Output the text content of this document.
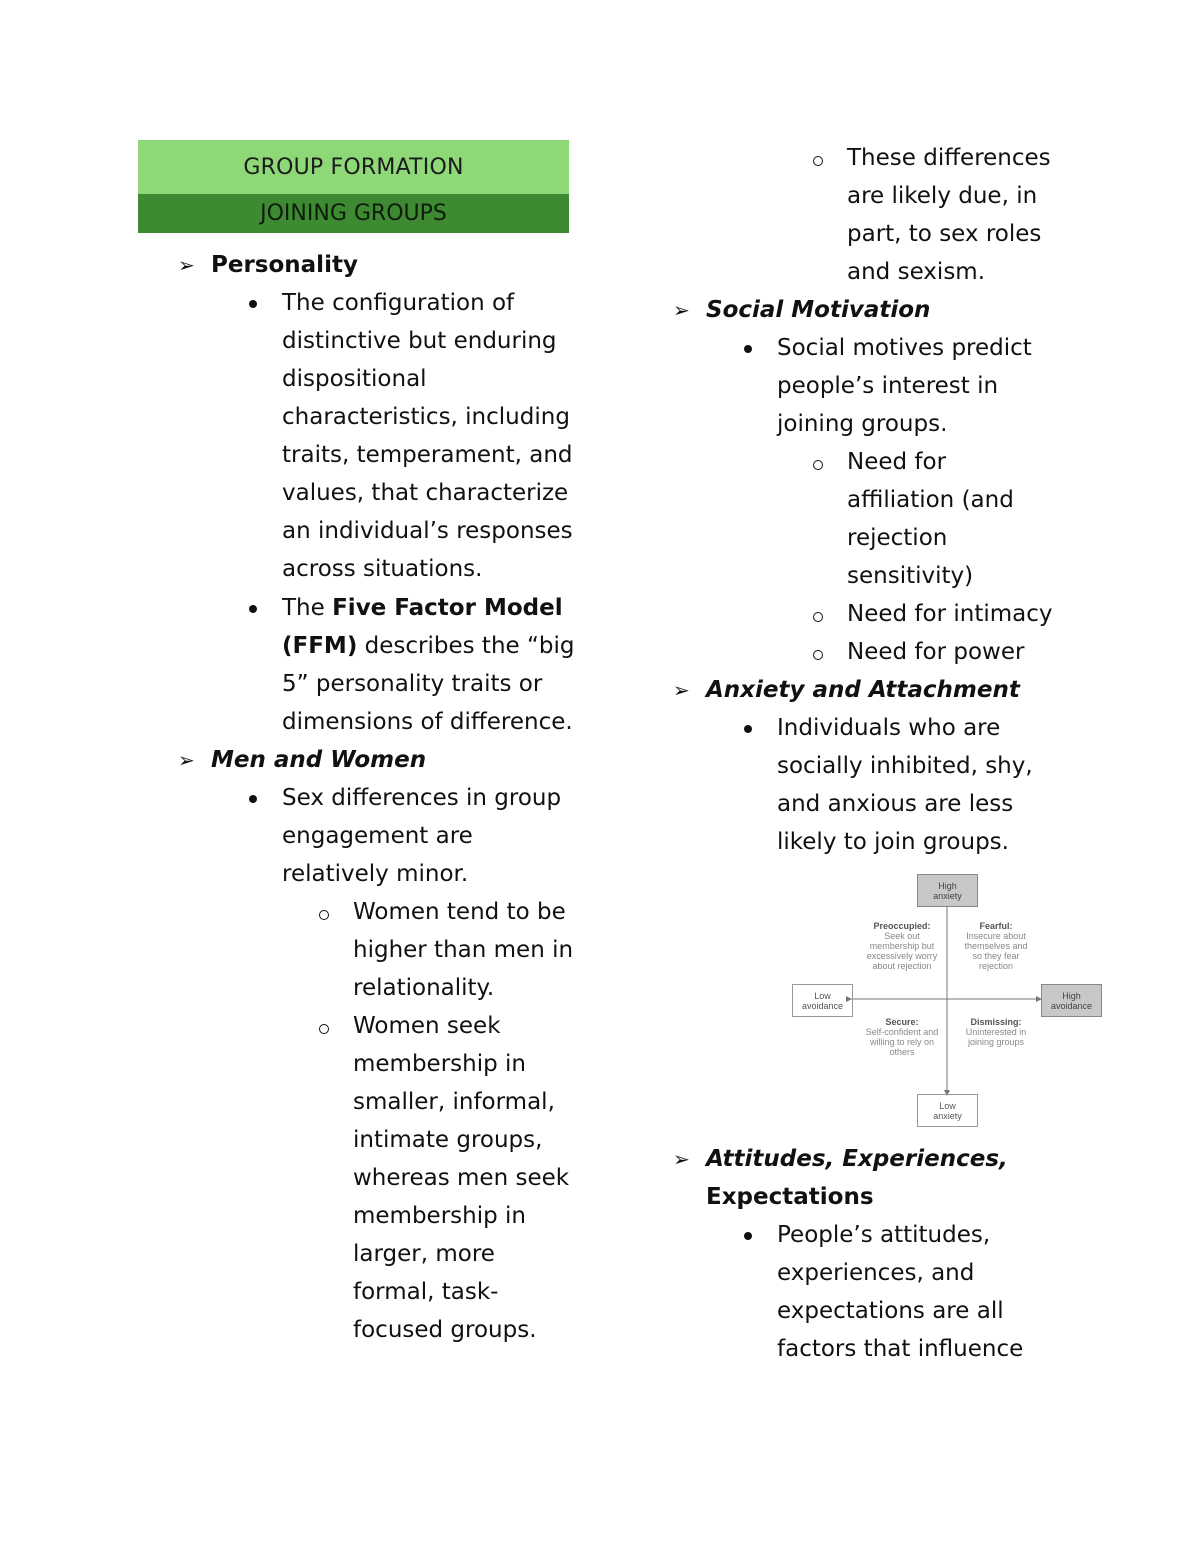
GROUP FORMATION
JOINING GROUPS
➢ Personality
The configuration of
distinctive but enduring
dispositional
characteristics, including
traits, temperament, and
values, that characterize
an individual’s responses
across situations.
The Five Factor Model
(FFM) describes the “big
5” personality traits or
dimensions of difference.
➢ Men and Women
Sex differences in group
engagement are
relatively minor.
Women tend to be
higher than men in
relationality.
Women seek
membership in
smaller, informal,
intimate groups,
whereas men seek
membership in
larger, more
formal, task-
focused groups.
These differences
are likely due, in
part, to sex roles
and sexism.
➢ Social Motivation
Social motives predict
people’s interest in
joining groups.
Need for
affiliation (and
rejection
sensitivity)
Need for intimacy
Need for power
➢ Anxiety and Attachment
Individuals who are
socially inhibited, shy,
and anxious are less
likely to join groups.
High
anxiety
Low
anxiety
Low
avoidance
High
avoidance
Preoccupied:
Seek out
membership but
excessively worry
about rejection
Fearful:
Insecure about
themselves and
so they fear
rejection
Secure:
Self-confident and
willing to rely on
others
Dismissing:
Uninterested in
joining groups
➢ Attitudes, Experiences,
Expectations
People’s attitudes,
experiences, and
expectations are all
factors that influence
